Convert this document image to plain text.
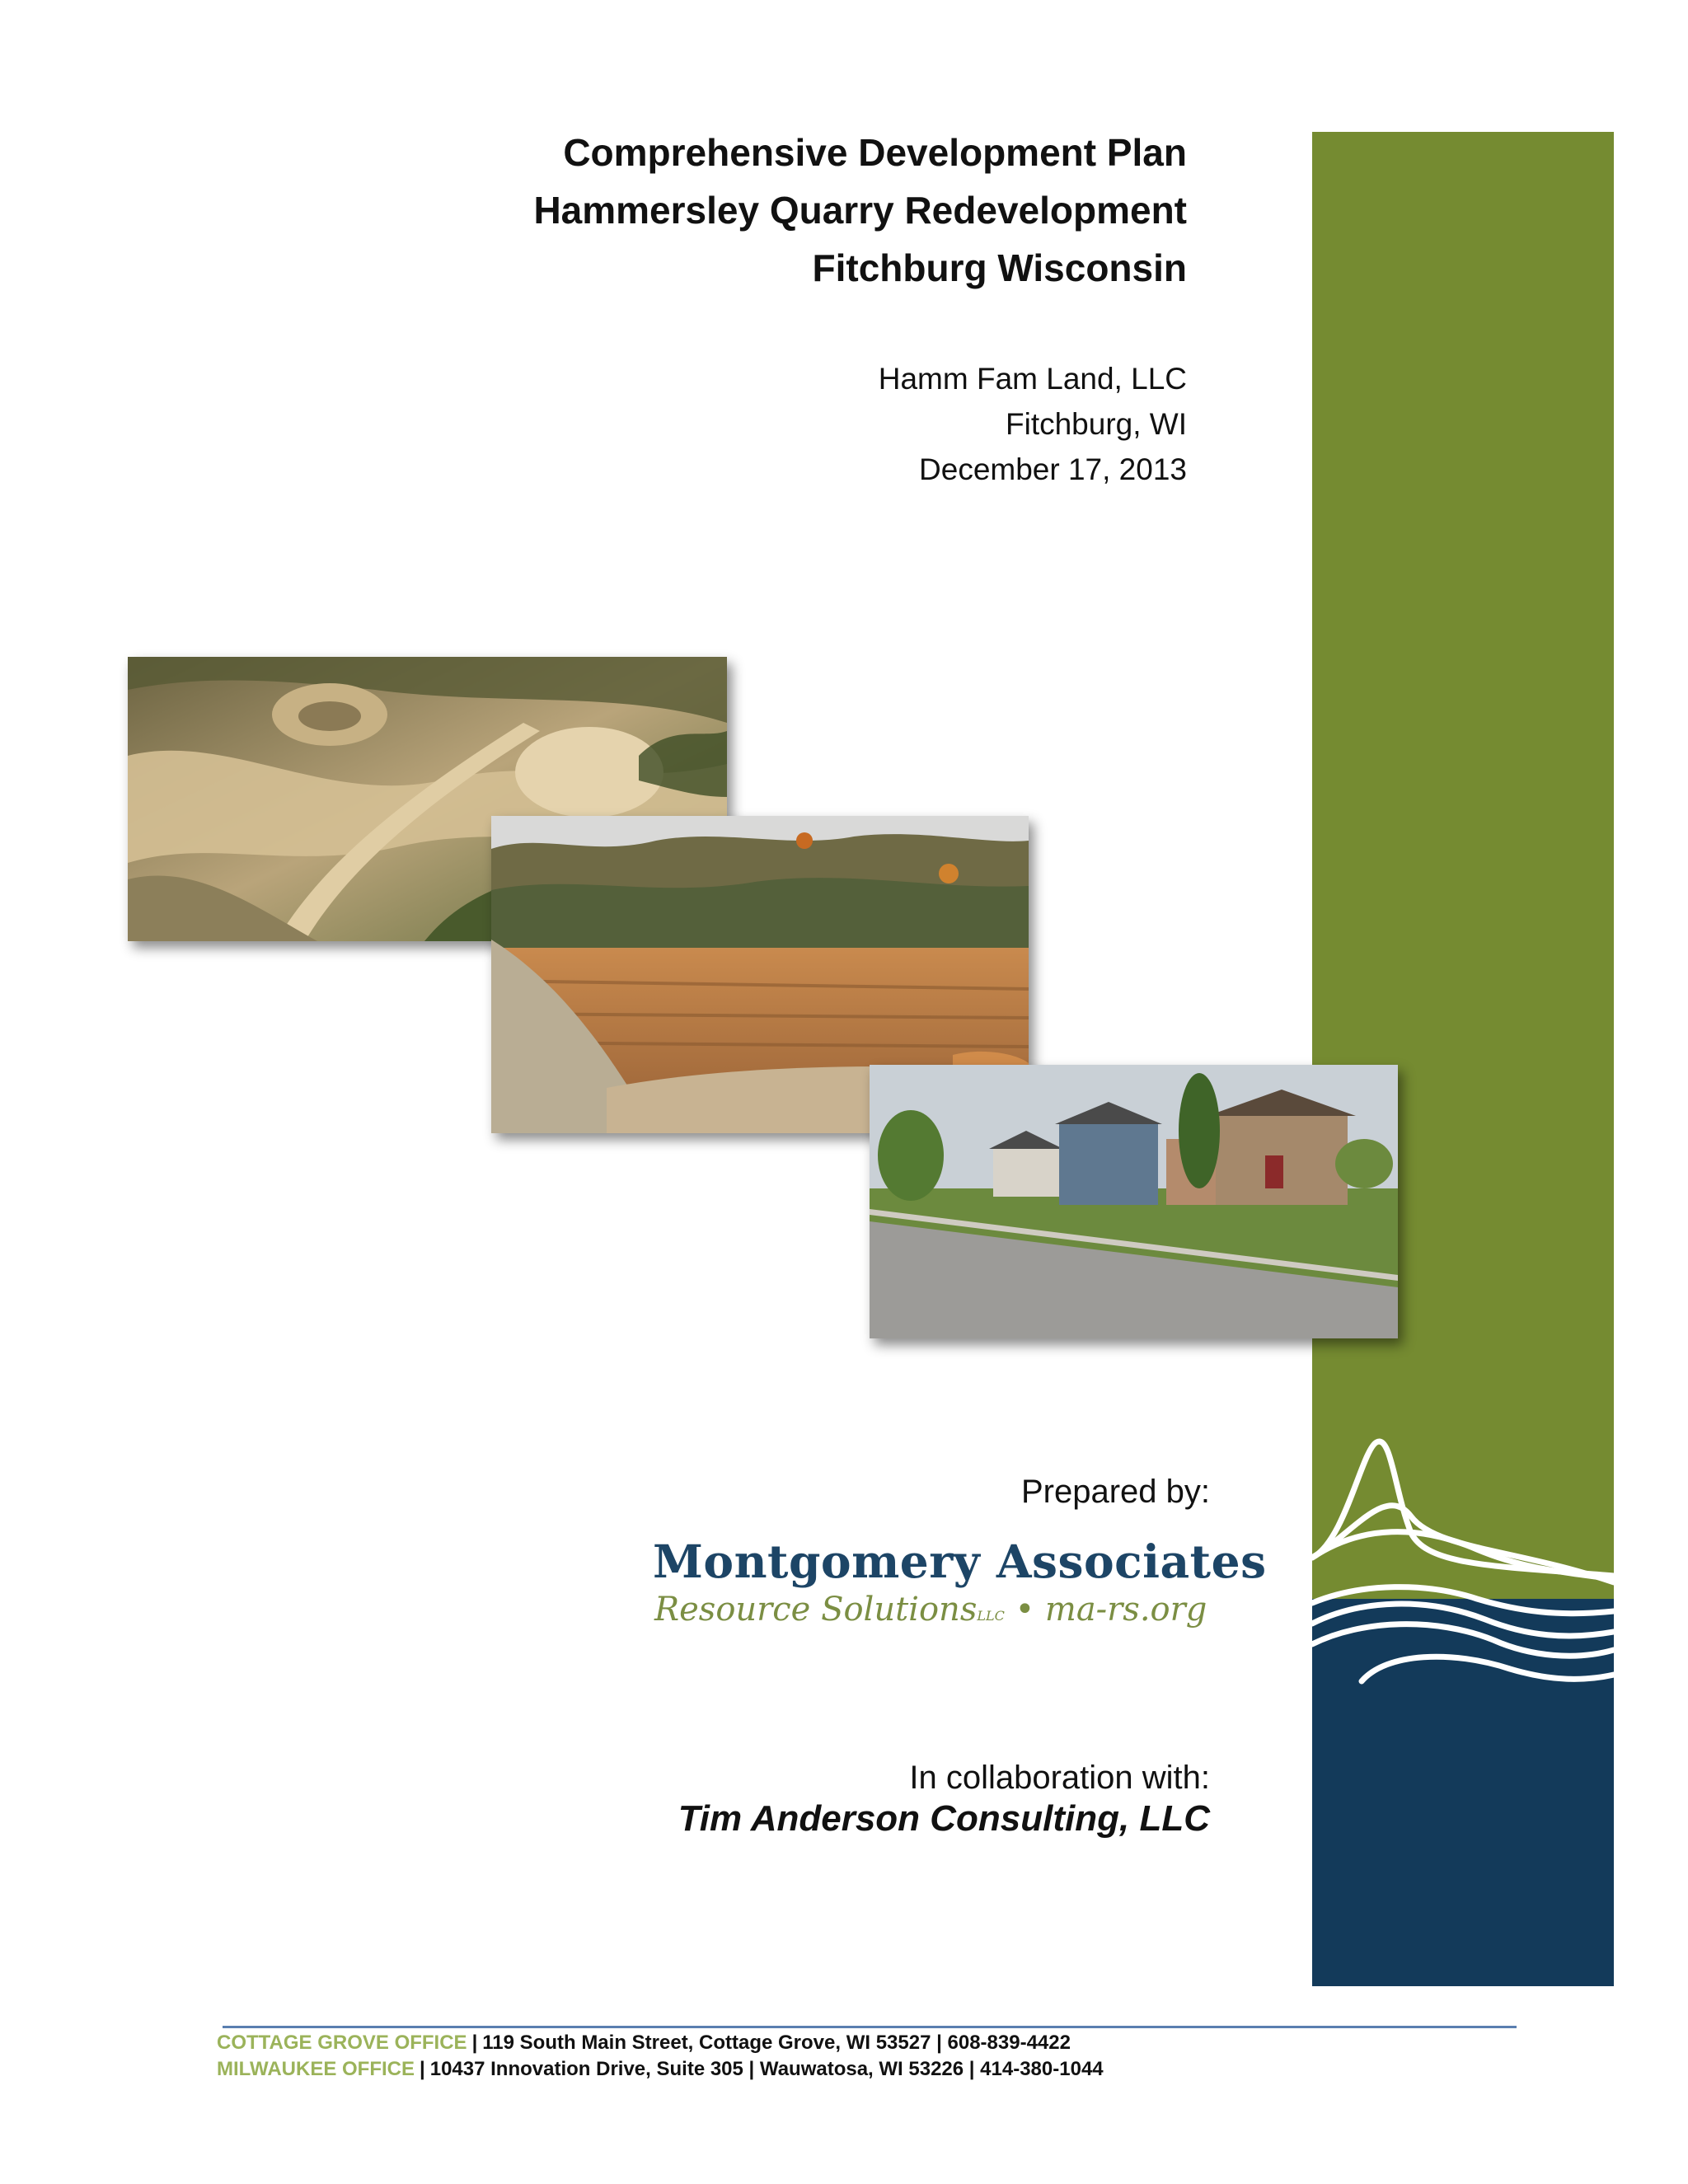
Comprehensive Development Plan
Hammersley Quarry Redevelopment
Fitchburg Wisconsin
Hamm Fam Land, LLC
Fitchburg, WI
December 17, 2013
Prepared by:
Montgomery Associates
Resource SolutionsLLC • ma-rs.org
In collaboration with:
Tim Anderson Consulting, LLC
COTTAGE GROVE OFFICE | 119 South Main Street, Cottage Grove, WI 53527 | 608-839-4422
MILWAUKEE OFFICE | 10437 Innovation Drive, Suite 305 | Wauwatosa, WI 53226 | 414-380-1044
